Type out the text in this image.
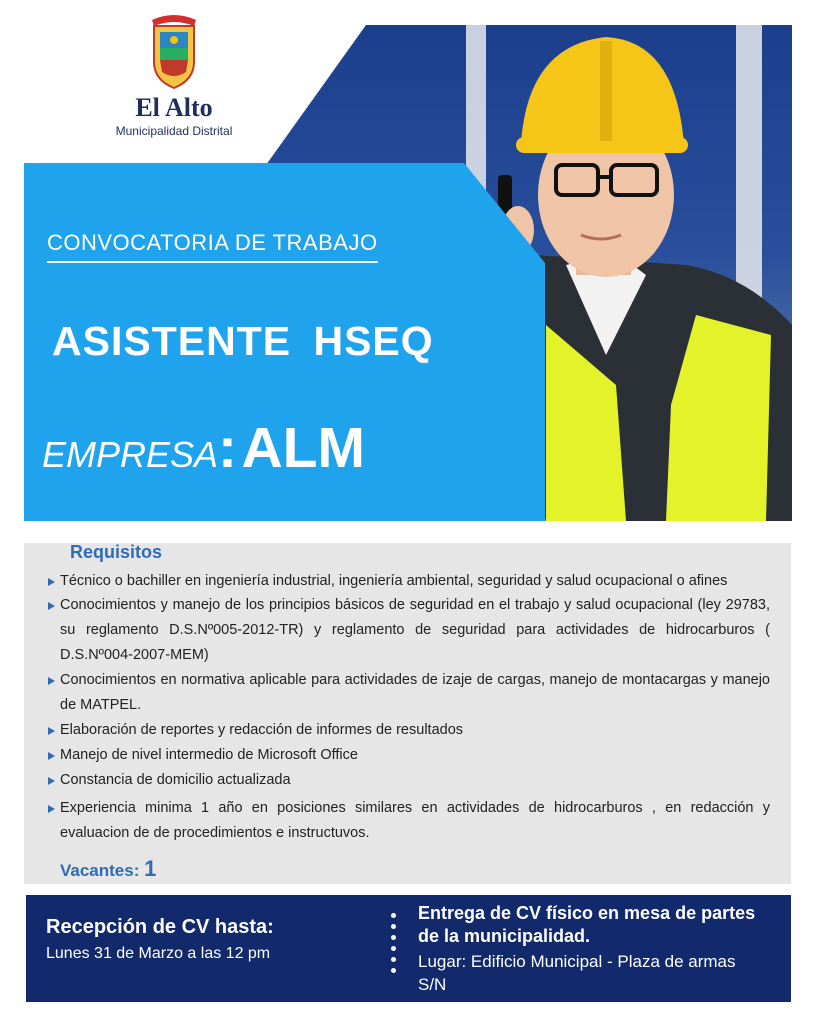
El Alto
Municipalidad Distrital
CONVOCATORIA DE TRABAJO
ASISTENTE HSEQ
EMPRESA: ALM
Requisitos
Técnico o bachiller en ingeniería industrial, ingeniería ambiental, seguridad y salud ocupacional o afines
Conocimientos y manejo de los principios básicos de seguridad en el trabajo y salud ocupacional (ley 29783, su reglamento D.S.Nº005-2012-TR) y reglamento de seguridad para actividades de hidrocarburos ( D.S.Nº004-2007-MEM)
Conocimientos en normativa aplicable para actividades de izaje de cargas, manejo de montacargas y manejo de MATPEL.
Elaboración de reportes y redacción de informes de resultados
Manejo de nivel intermedio de Microsoft Office
Constancia de domicilio actualizada
Experiencia minima 1 año en posiciones similares en actividades de hidrocarburos , en redacción y evaluacion de de procedimientos e instructuvos.
Vacantes: 1
Recepción de CV hasta:
Lunes 31 de Marzo a las 12 pm
Entrega de CV físico en mesa de partes de la municipalidad.
Lugar: Edificio Municipal - Plaza de armas S/N
